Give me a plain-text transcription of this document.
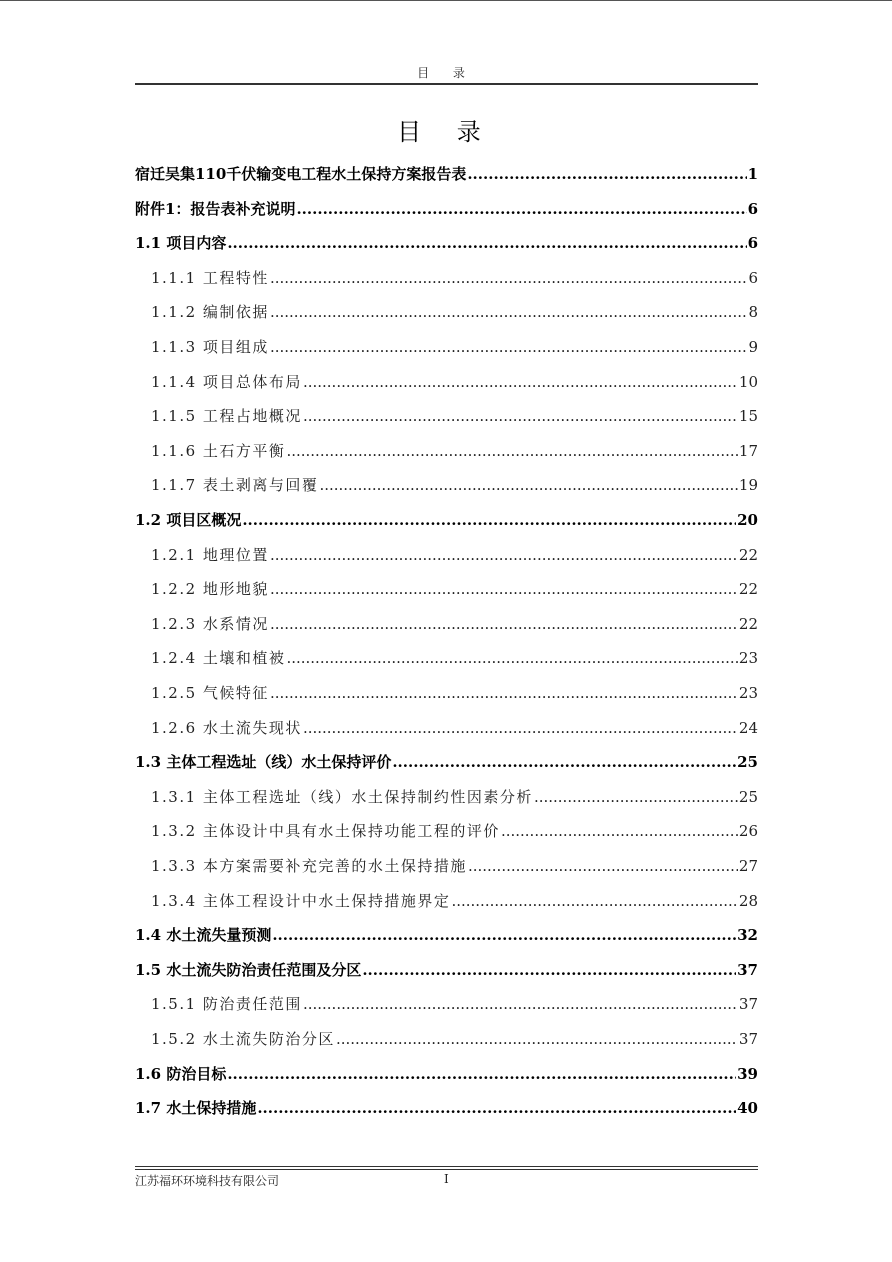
目 录
目 录
宿迁吴集110千伏输变电工程水土保持方案报告表 .....	1
附件1：报告表补充说明 .....	6
1.1 项目内容 .....	6
1.1.1 工程特性 .....	6
1.1.2 编制依据 .....	8
1.1.3 项目组成 .....	9
1.1.4 项目总体布局 .....	10
1.1.5 工程占地概况 .....	15
1.1.6 土石方平衡 .....	17
1.1.7 表土剥离与回覆 .....	19
1.2 项目区概况 .....	20
1.2.1 地理位置 .....	22
1.2.2 地形地貌 .....	22
1.2.3 水系情况 .....	22
1.2.4 土壤和植被 .....	23
1.2.5 气候特征 .....	23
1.2.6 水土流失现状 .....	24
1.3 主体工程选址（线）水土保持评价 .....	25
1.3.1 主体工程选址（线）水土保持制约性因素分析 .....	25
1.3.2 主体设计中具有水土保持功能工程的评价 .....	26
1.3.3 本方案需要补充完善的水土保持措施 .....	27
1.3.4 主体工程设计中水土保持措施界定 .....	28
1.4 水土流失量预测 .....	32
1.5 水土流失防治责任范围及分区 .....	37
1.5.1 防治责任范围 .....	37
1.5.2 水土流失防治分区 .....	37
1.6 防治目标 .....	39
1.7 水土保持措施 .....	40
江苏福环环境科技有限公司	I
